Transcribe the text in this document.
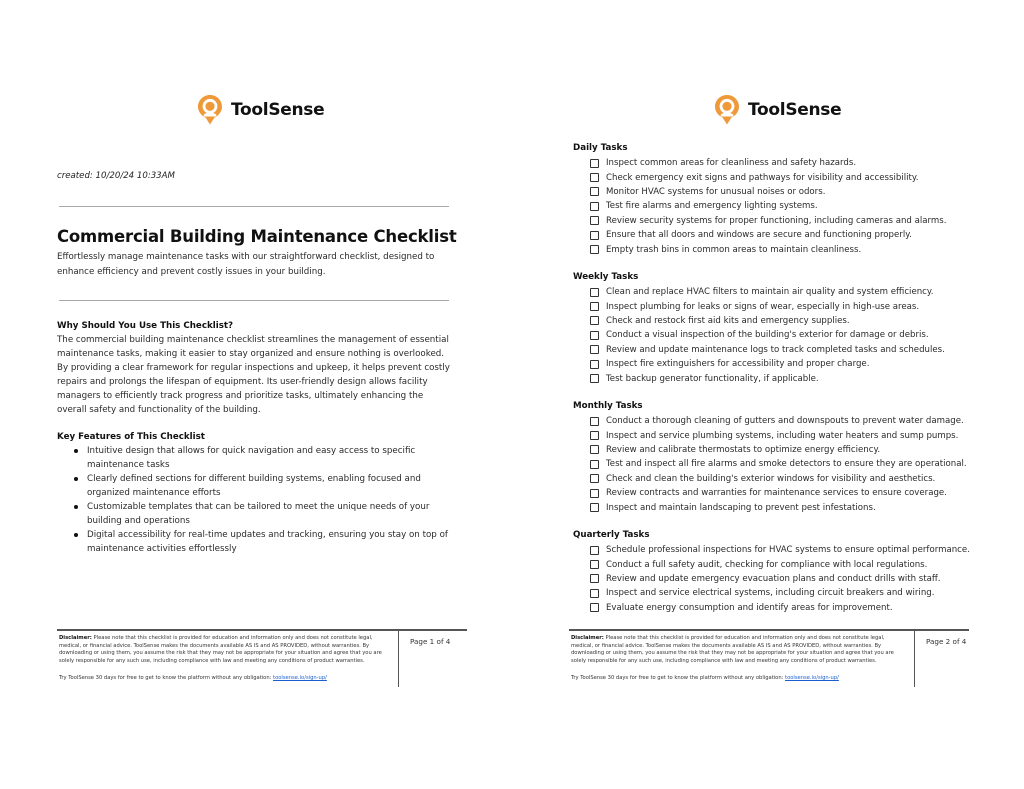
ToolSense
created: 10/20/24 10:33AM
Commercial Building Maintenance Checklist
Effortlessly manage maintenance tasks with our straightforward checklist, designed to enhance efficiency and prevent costly issues in your building.
Why Should You Use This Checklist?

The commercial building maintenance checklist streamlines the management of essential maintenance tasks, making it easier to stay organized and ensure nothing is overlooked. By providing a clear framework for regular inspections and upkeep, it helps prevent costly repairs and prolongs the lifespan of equipment. Its user-friendly design allows facility managers to efficiently track progress and prioritize tasks, ultimately enhancing the overall safety and functionality of the building.

Key Features of This Checklist
Intuitive design that allows for quick navigation and easy access to specific maintenance tasks
Clearly defined sections for different building systems, enabling focused and organized maintenance efforts
Customizable templates that can be tailored to meet the unique needs of your building and operations
Digital accessibility for real-time updates and tracking, ensuring you stay on top of maintenance activities effortlessly
Disclaimer: Please note that this checklist is provided for education and information only and does not constitute legal, medical, or financial advice. ToolSense makes the documents available AS IS and AS PROVIDED, without warranties. By downloading or using them, you assume the risk that they may not be appropriate for your situation and agree that you are solely responsible for any such use, including compliance with law and meeting any conditions of product warranties.
Try ToolSense 30 days for free to get to know the platform without any obligation: toolsense.io/sign-up/
Page 1 of 4
ToolSense
Daily Tasks
Inspect common areas for cleanliness and safety hazards.
Check emergency exit signs and pathways for visibility and accessibility.
Monitor HVAC systems for unusual noises or odors.
Test fire alarms and emergency lighting systems.
Review security systems for proper functioning, including cameras and alarms.
Ensure that all doors and windows are secure and functioning properly.
Empty trash bins in common areas to maintain cleanliness.
Weekly Tasks
Clean and replace HVAC filters to maintain air quality and system efficiency.
Inspect plumbing for leaks or signs of wear, especially in high-use areas.
Check and restock first aid kits and emergency supplies.
Conduct a visual inspection of the building's exterior for damage or debris.
Review and update maintenance logs to track completed tasks and schedules.
Inspect fire extinguishers for accessibility and proper charge.
Test backup generator functionality, if applicable.
Monthly Tasks
Conduct a thorough cleaning of gutters and downspouts to prevent water damage.
Inspect and service plumbing systems, including water heaters and sump pumps.
Review and calibrate thermostats to optimize energy efficiency.
Test and inspect all fire alarms and smoke detectors to ensure they are operational.
Check and clean the building's exterior windows for visibility and aesthetics.
Review contracts and warranties for maintenance services to ensure coverage.
Inspect and maintain landscaping to prevent pest infestations.
Quarterly Tasks
Schedule professional inspections for HVAC systems to ensure optimal performance.
Conduct a full safety audit, checking for compliance with local regulations.
Review and update emergency evacuation plans and conduct drills with staff.
Inspect and service electrical systems, including circuit breakers and wiring.
Evaluate energy consumption and identify areas for improvement.
Disclaimer: Please note that this checklist is provided for education and information only and does not constitute legal, medical, or financial advice. ToolSense makes the documents available AS IS and AS PROVIDED, without warranties. By downloading or using them, you assume the risk that they may not be appropriate for your situation and agree that you are solely responsible for any such use, including compliance with law and meeting any conditions of product warranties.
Try ToolSense 30 days for free to get to know the platform without any obligation: toolsense.io/sign-up/
Page 2 of 4
